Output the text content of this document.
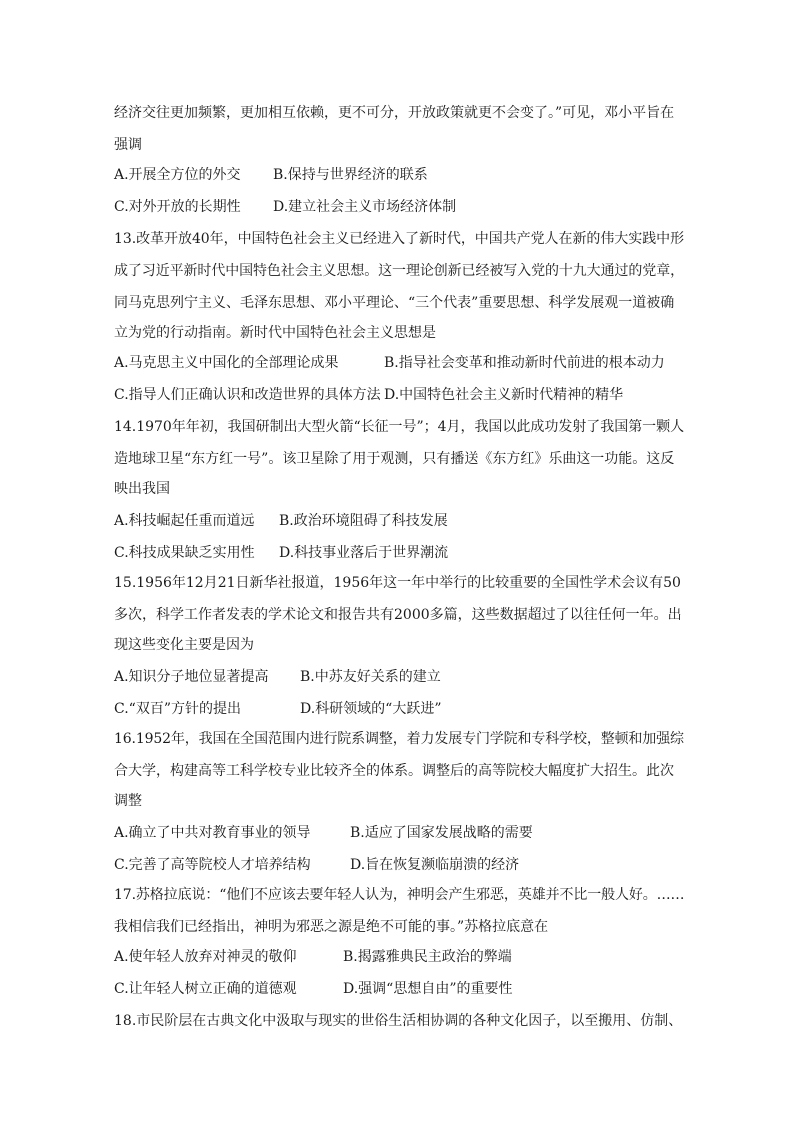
经济交往更加频繁，更加相互依赖，更不可分，开放政策就更不会变了。”可见，邓小平旨在
强调
A.开展全方位的外交 B.保持与世界经济的联系
C.对外开放的长期性 D.建立社会主义市场经济体制
13.改革开放40年，中国特色社会主义已经进入了新时代，中国共产党人在新的伟大实践中形
成了习近平新时代中国特色社会主义思想。这一理论创新已经被写入党的十九大通过的党章，
同马克思列宁主义、毛泽东思想、邓小平理论、“三个代表”重要思想、科学发展观一道被确
立为党的行动指南。新时代中国特色社会主义思想是
A.马克思主义中国化的全部理论成果	B.指导社会变革和推动新时代前进的根本动力
C.指导人们正确认识和改造世界的具体方法 D.中国特色社会主义新时代精神的精华
14.1970年年初，我国研制出大型火箭“长征一号”；4月，我国以此成功发射了我国第一颗人
造地球卫星“东方红一号”。该卫星除了用于观测，只有播送《东方红》乐曲这一功能。这反
映出我国
A.科技崛起任重而道远 B.政治环境阻碍了科技发展
C.科技成果缺乏实用性 D.科技事业落后于世界潮流
15.1956年12月21日新华社报道，1956年这一年中举行的比较重要的全国性学术会议有50
多次，科学工作者发表的学术论文和报告共有2000多篇，这些数据超过了以往任何一年。出
现这些变化主要是因为
A.知识分子地位显著提高 B.中苏友好关系的建立
C.“双百”方针的提出	D.科研领域的“大跃进”
16.1952年，我国在全国范围内进行院系调整，着力发展专门学院和专科学校，整顿和加强综
合大学，构建高等工科学校专业比较齐全的体系。调整后的高等院校大幅度扩大招生。此次
调整
A.确立了中共对教育事业的领导	B.适应了国家发展战略的需要
C.完善了高等院校人才培养结构	D.旨在恢复濒临崩溃的经济
17.苏格拉底说：“他们不应该去要年轻人认为，神明会产生邪恶，英雄并不比一般人好。……
我相信我们已经指出，神明为邪恶之源是绝不可能的事。”苏格拉底意在
A.使年轻人放弃对神灵的敬仰	B.揭露雅典民主政治的弊端
C.让年轻人树立正确的道德观	D.强调“思想自由”的重要性
18.市民阶层在古典文化中汲取与现实的世俗生活相协调的各种文化因子，以至搬用、仿制、
